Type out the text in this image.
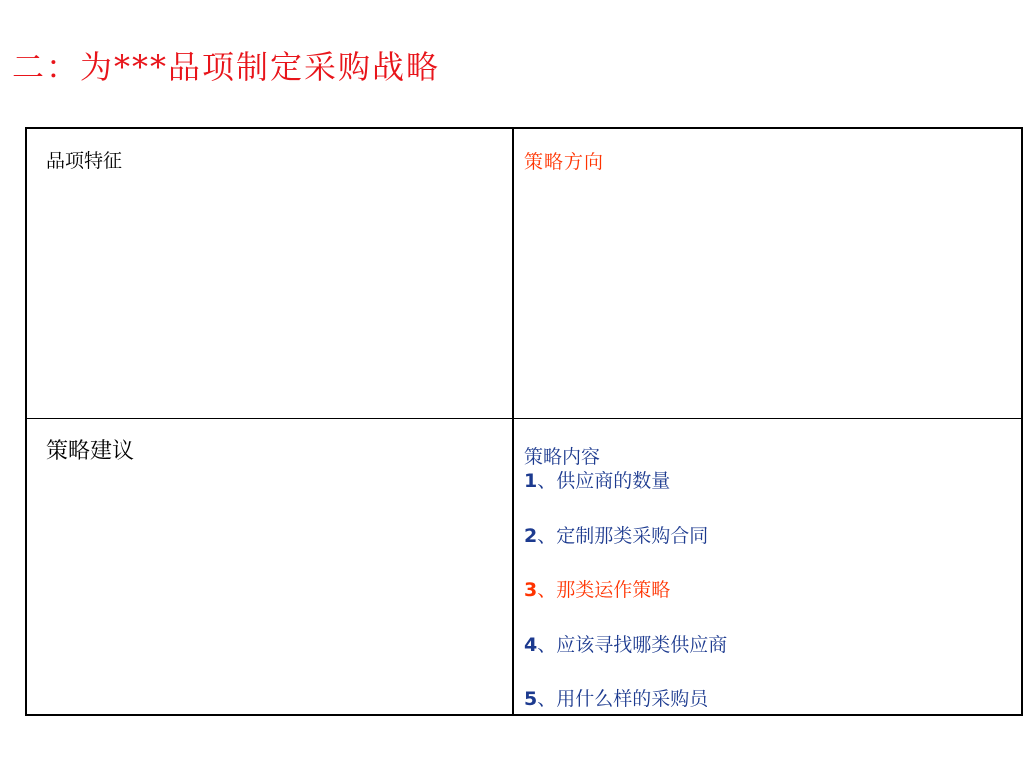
二：为***品项制定采购战略
品项特征	策略方向
策略建议	策略内容
1、供应商的数量
2、定制那类采购合同
3、那类运作策略
4、应该寻找哪类供应商
5、用什么样的采购员
